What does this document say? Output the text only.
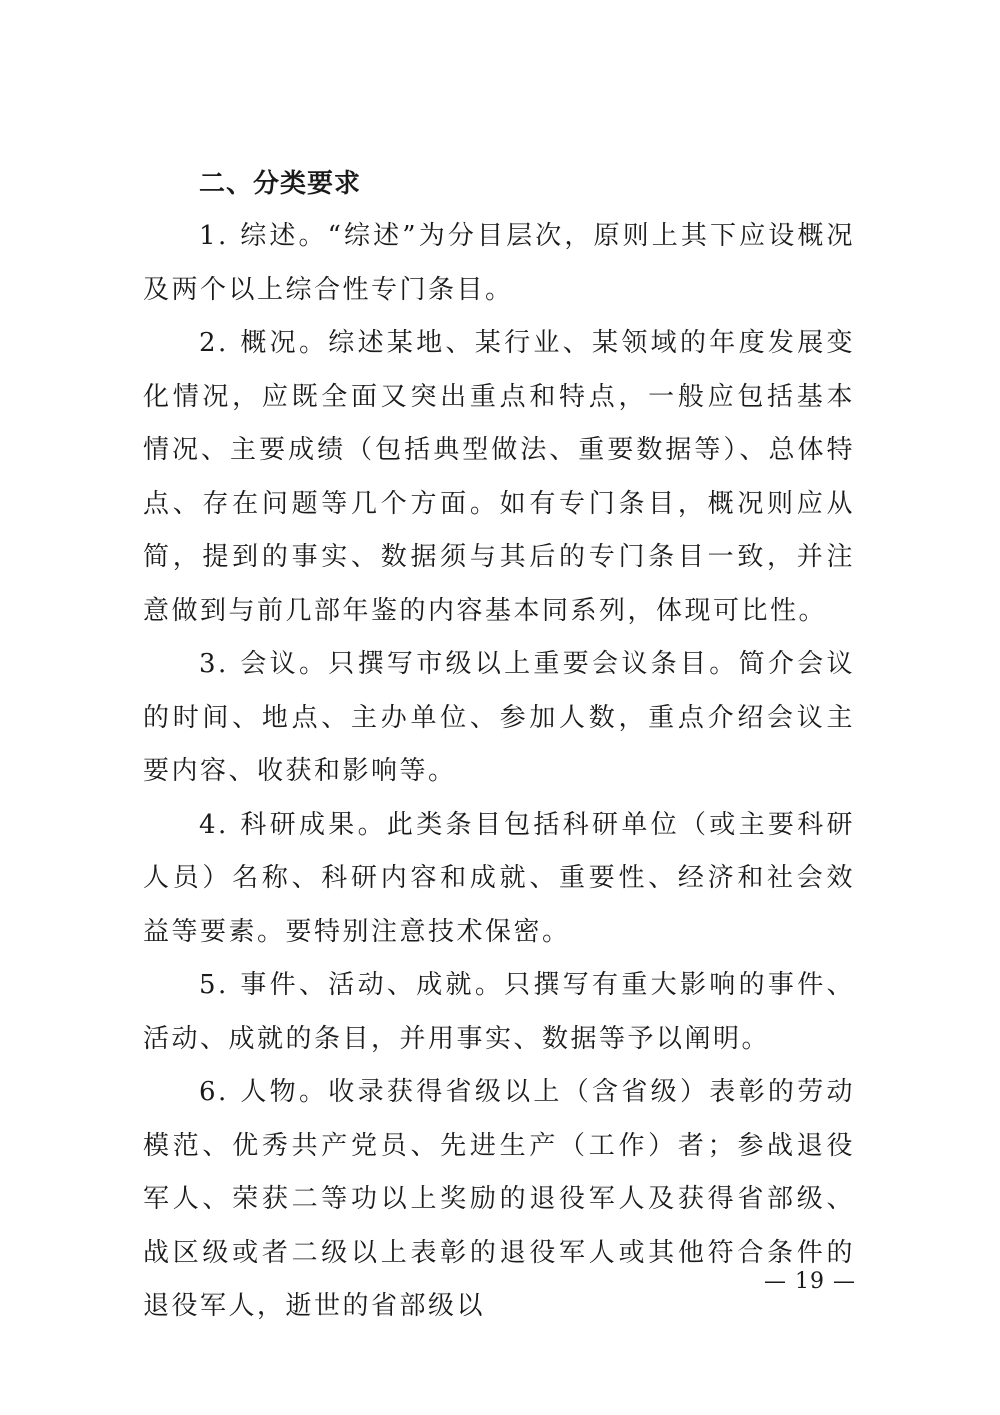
二、分类要求

1. 综述。“综述”为分目层次，原则上其下应设概况及两个以上综合性专门条目。

2. 概况。综述某地、某行业、某领域的年度发展变化情况，应既全面又突出重点和特点，一般应包括基本情况、主要成绩（包括典型做法、重要数据等）、总体特点、存在问题等几个方面。如有专门条目，概况则应从简，提到的事实、数据须与其后的专门条目一致，并注意做到与前几部年鉴的内容基本同系列，体现可比性。

3. 会议。只撰写市级以上重要会议条目。简介会议的时间、地点、主办单位、参加人数，重点介绍会议主要内容、收获和影响等。

4. 科研成果。此类条目包括科研单位（或主要科研人员）名称、科研内容和成就、重要性、经济和社会效益等要素。要特别注意技术保密。

5. 事件、活动、成就。只撰写有重大影响的事件、活动、成就的条目，并用事实、数据等予以阐明。

6. 人物。收录获得省级以上（含省级）表彰的劳动模范、优秀共产党员、先进生产（工作）者；参战退役军人、荣获二等功以上奖励的退役军人及获得省部级、战区级或者二级以上表彰的退役军人或其他符合条件的退役军人，逝世的省部级以

— 19 —
